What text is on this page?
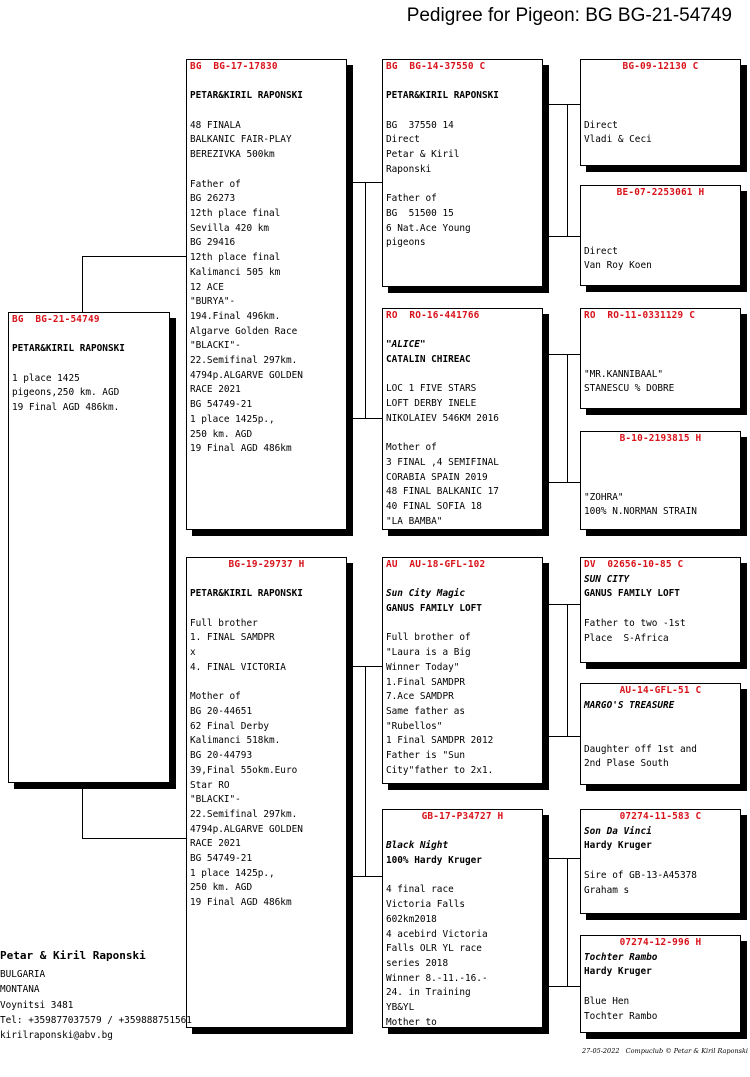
Pedigree for Pigeon: BG BG-21-54749
BG  BG-21-54749
PETAR&KIRIL RAPONSKI
1 place 1425
pigeons,250 km. AGD
19 Final AGD 486km.
BG  BG-17-17830
PETAR&KIRIL RAPONSKI
48 FINALA
BALKANIC FAIR-PLAY
BEREZIVKA 500km
Father of
BG 26273
12th place final
Sevilla 420 km
BG 29416
12th place final
Kalimanci 505 km
12 ACE
"BURYA"-
194.Final 496km.
Algarve Golden Race
"BLACKI"-
22.Semifinal 297km.
4794p.ALGARVE GOLDEN
RACE 2021
BG 54749-21
1 place 1425p.,
250 km. AGD
19 Final AGD 486km
BG-19-29737 H
PETAR&KIRIL RAPONSKI
Full brother
1. FINAL SAMDPR
x
4. FINAL VICTORIA
Mother of
BG 20-44651
62 Final Derby
Kalimanci 518km.
BG 20-44793
39,Final 55okm.Euro
Star RO
"BLACKI"-
22.Semifinal 297km.
4794p.ALGARVE GOLDEN
RACE 2021
BG 54749-21
1 place 1425p.,
250 km. AGD
19 Final AGD 486km
BG  BG-14-37550 C
PETAR&KIRIL RAPONSKI
BG  37550 14
Direct
Petar & Kiril
Raponski
Father of
BG  51500 15
6 Nat.Ace Young
pigeons
RO  RO-16-441766
"ALICE"
CATALIN CHIREAC
LOC 1 FIVE STARS
LOFT DERBY INELE
NIKOLAIEV 546KM 2016
Mother of
3 FINAL ,4 SEMIFINAL
CORABIA SPAIN 2019
48 FINAL BALKANIC 17
40 FINAL SOFIA 18
"LA BAMBA"
AU  AU-18-GFL-102
Sun City Magic
GANUS FAMILY LOFT
Full brother of
"Laura is a Big
Winner Today"
1.Final SAMDPR
7.Ace SAMDPR
Same father as
"Rubellos"
1 Final SAMDPR 2012
Father is "Sun
City"father to 2x1.
GB-17-P34727 H
Black Night
100% Hardy Kruger
4 final race
Victoria Falls
602km2018
4 acebird Victoria
Falls OLR YL race
series 2018
Winner 8.-11.-16.-
24. in Training
YB&YL
Mother to
BG-09-12130 C
Direct
Vladi & Ceci
BE-07-2253061 H
Direct
Van Roy Koen
RO  RO-11-0331129 C
"MR.KANNIBAAL"
STANESCU % DOBRE
B-10-2193815 H
"ZOHRA"
100% N.NORMAN STRAIN
DV  02656-10-85 C
SUN CITY
GANUS FAMILY LOFT
Father to two -1st
Place  S-Africa
AU-14-GFL-51 C
MARGO'S TREASURE
Daughter off 1st and
2nd Plase South
07274-11-583 C
Son Da Vinci
Hardy Kruger
Sire of GB-13-A45378
Graham s
07274-12-996 H
Tochter Rambo
Hardy Kruger
Blue Hen
Tochter Rambo
Petar & Kiril Raponski
BULGARIA
MONTANA
Voynitsi 3481
Tel: +359877037579 / +359888751561
kirilraponski@abv.bg
27-05-2022   Compuclub © Petar & Kiril Raponski
